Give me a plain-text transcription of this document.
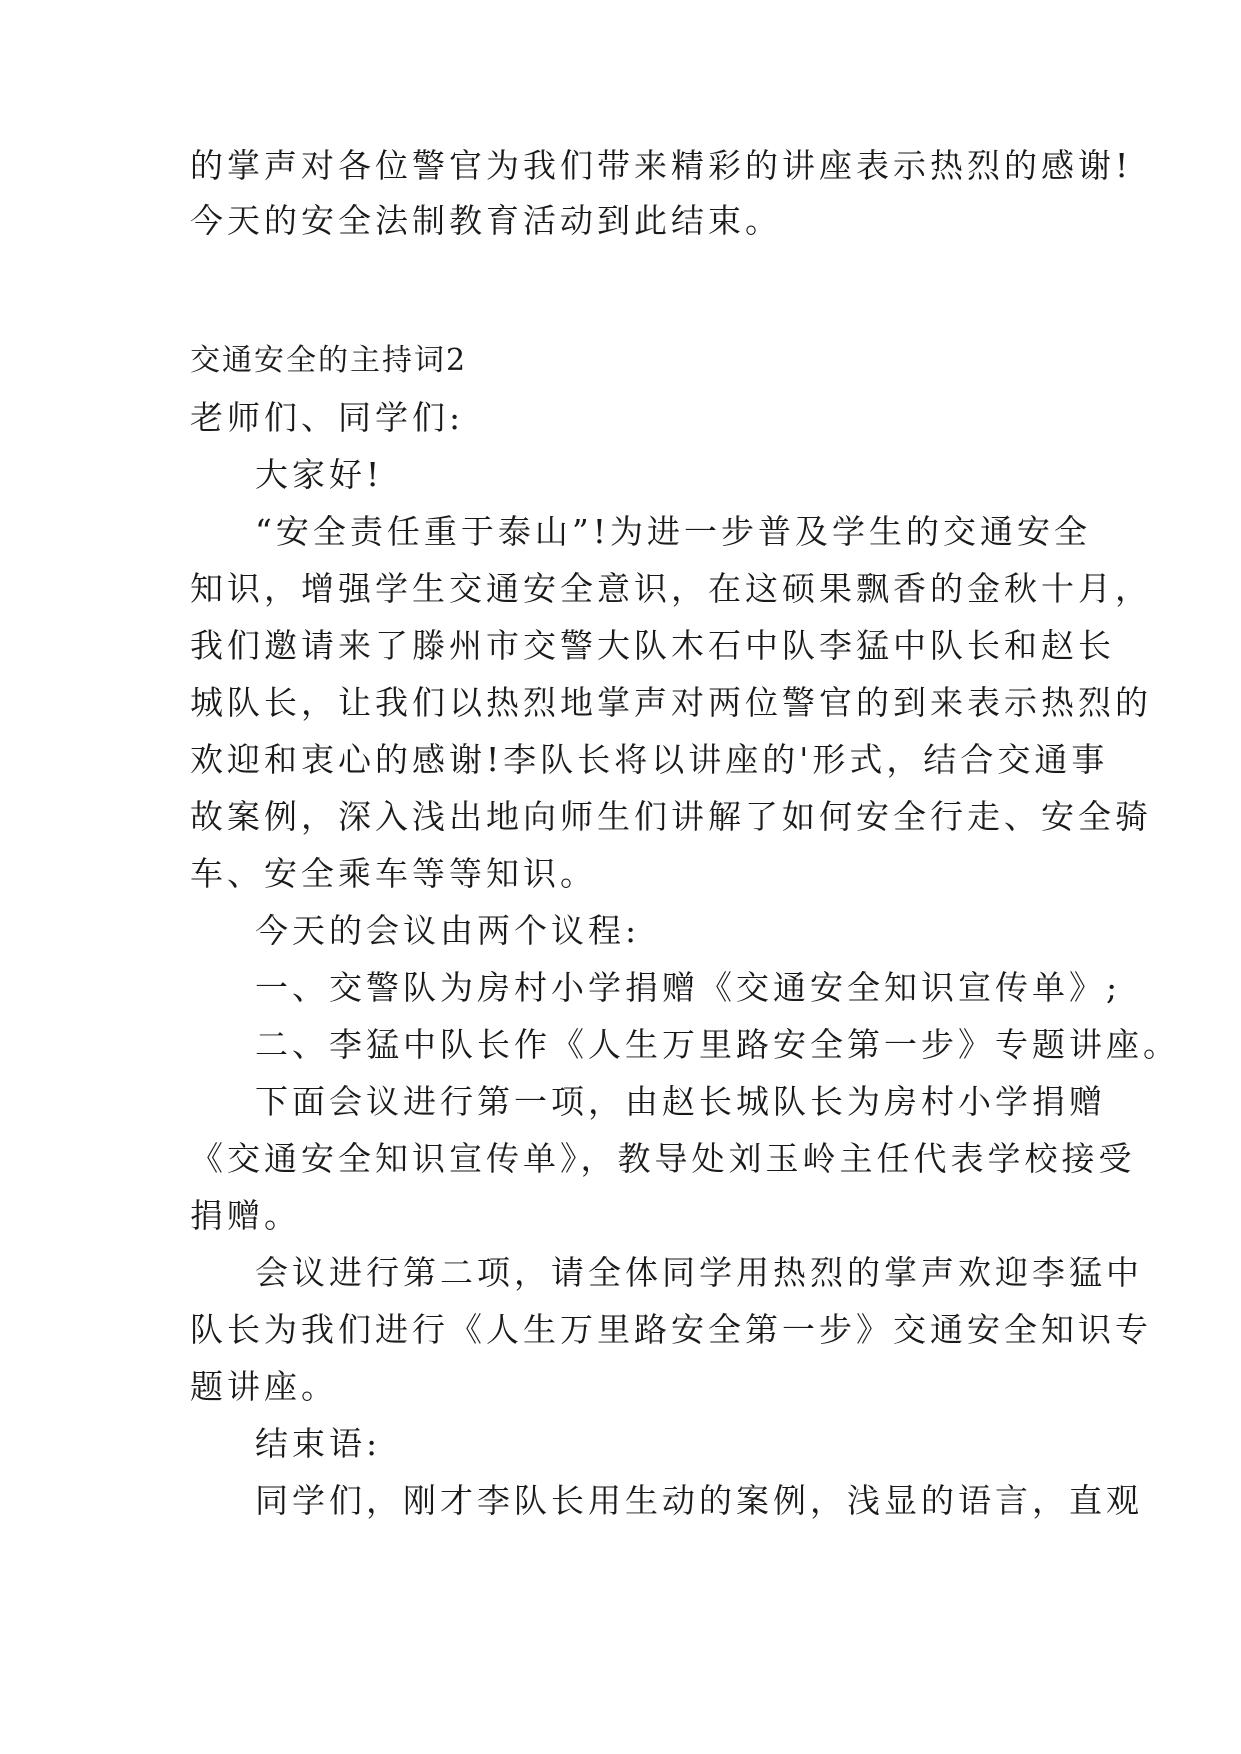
的掌声对各位警官为我们带来精彩的讲座表示热烈的感谢!

今天的安全法制教育活动到此结束。

交通安全的主持词2

老师们、同学们:

大家好!

“安全责任重于泰山”!为进一步普及学生的交通安全

知识，增强学生交通安全意识，在这硕果飘香的金秋十月，

我们邀请来了滕州市交警大队木石中队李猛中队长和赵长

城队长，让我们以热烈地掌声对两位警官的到来表示热烈的

欢迎和衷心的感谢!李队长将以讲座的'形式，结合交通事

故案例，深入浅出地向师生们讲解了如何安全行走、安全骑

车、安全乘车等等知识。

今天的会议由两个议程:

一、交警队为房村小学捐赠《交通安全知识宣传单》;

二、李猛中队长作《人生万里路安全第一步》专题讲座。

下面会议进行第一项，由赵长城队长为房村小学捐赠

《交通安全知识宣传单》，教导处刘玉岭主任代表学校接受

捐赠。

会议进行第二项，请全体同学用热烈的掌声欢迎李猛中

队长为我们进行《人生万里路安全第一步》交通安全知识专

题讲座。

结束语:

同学们，刚才李队长用生动的案例，浅显的语言，直观
